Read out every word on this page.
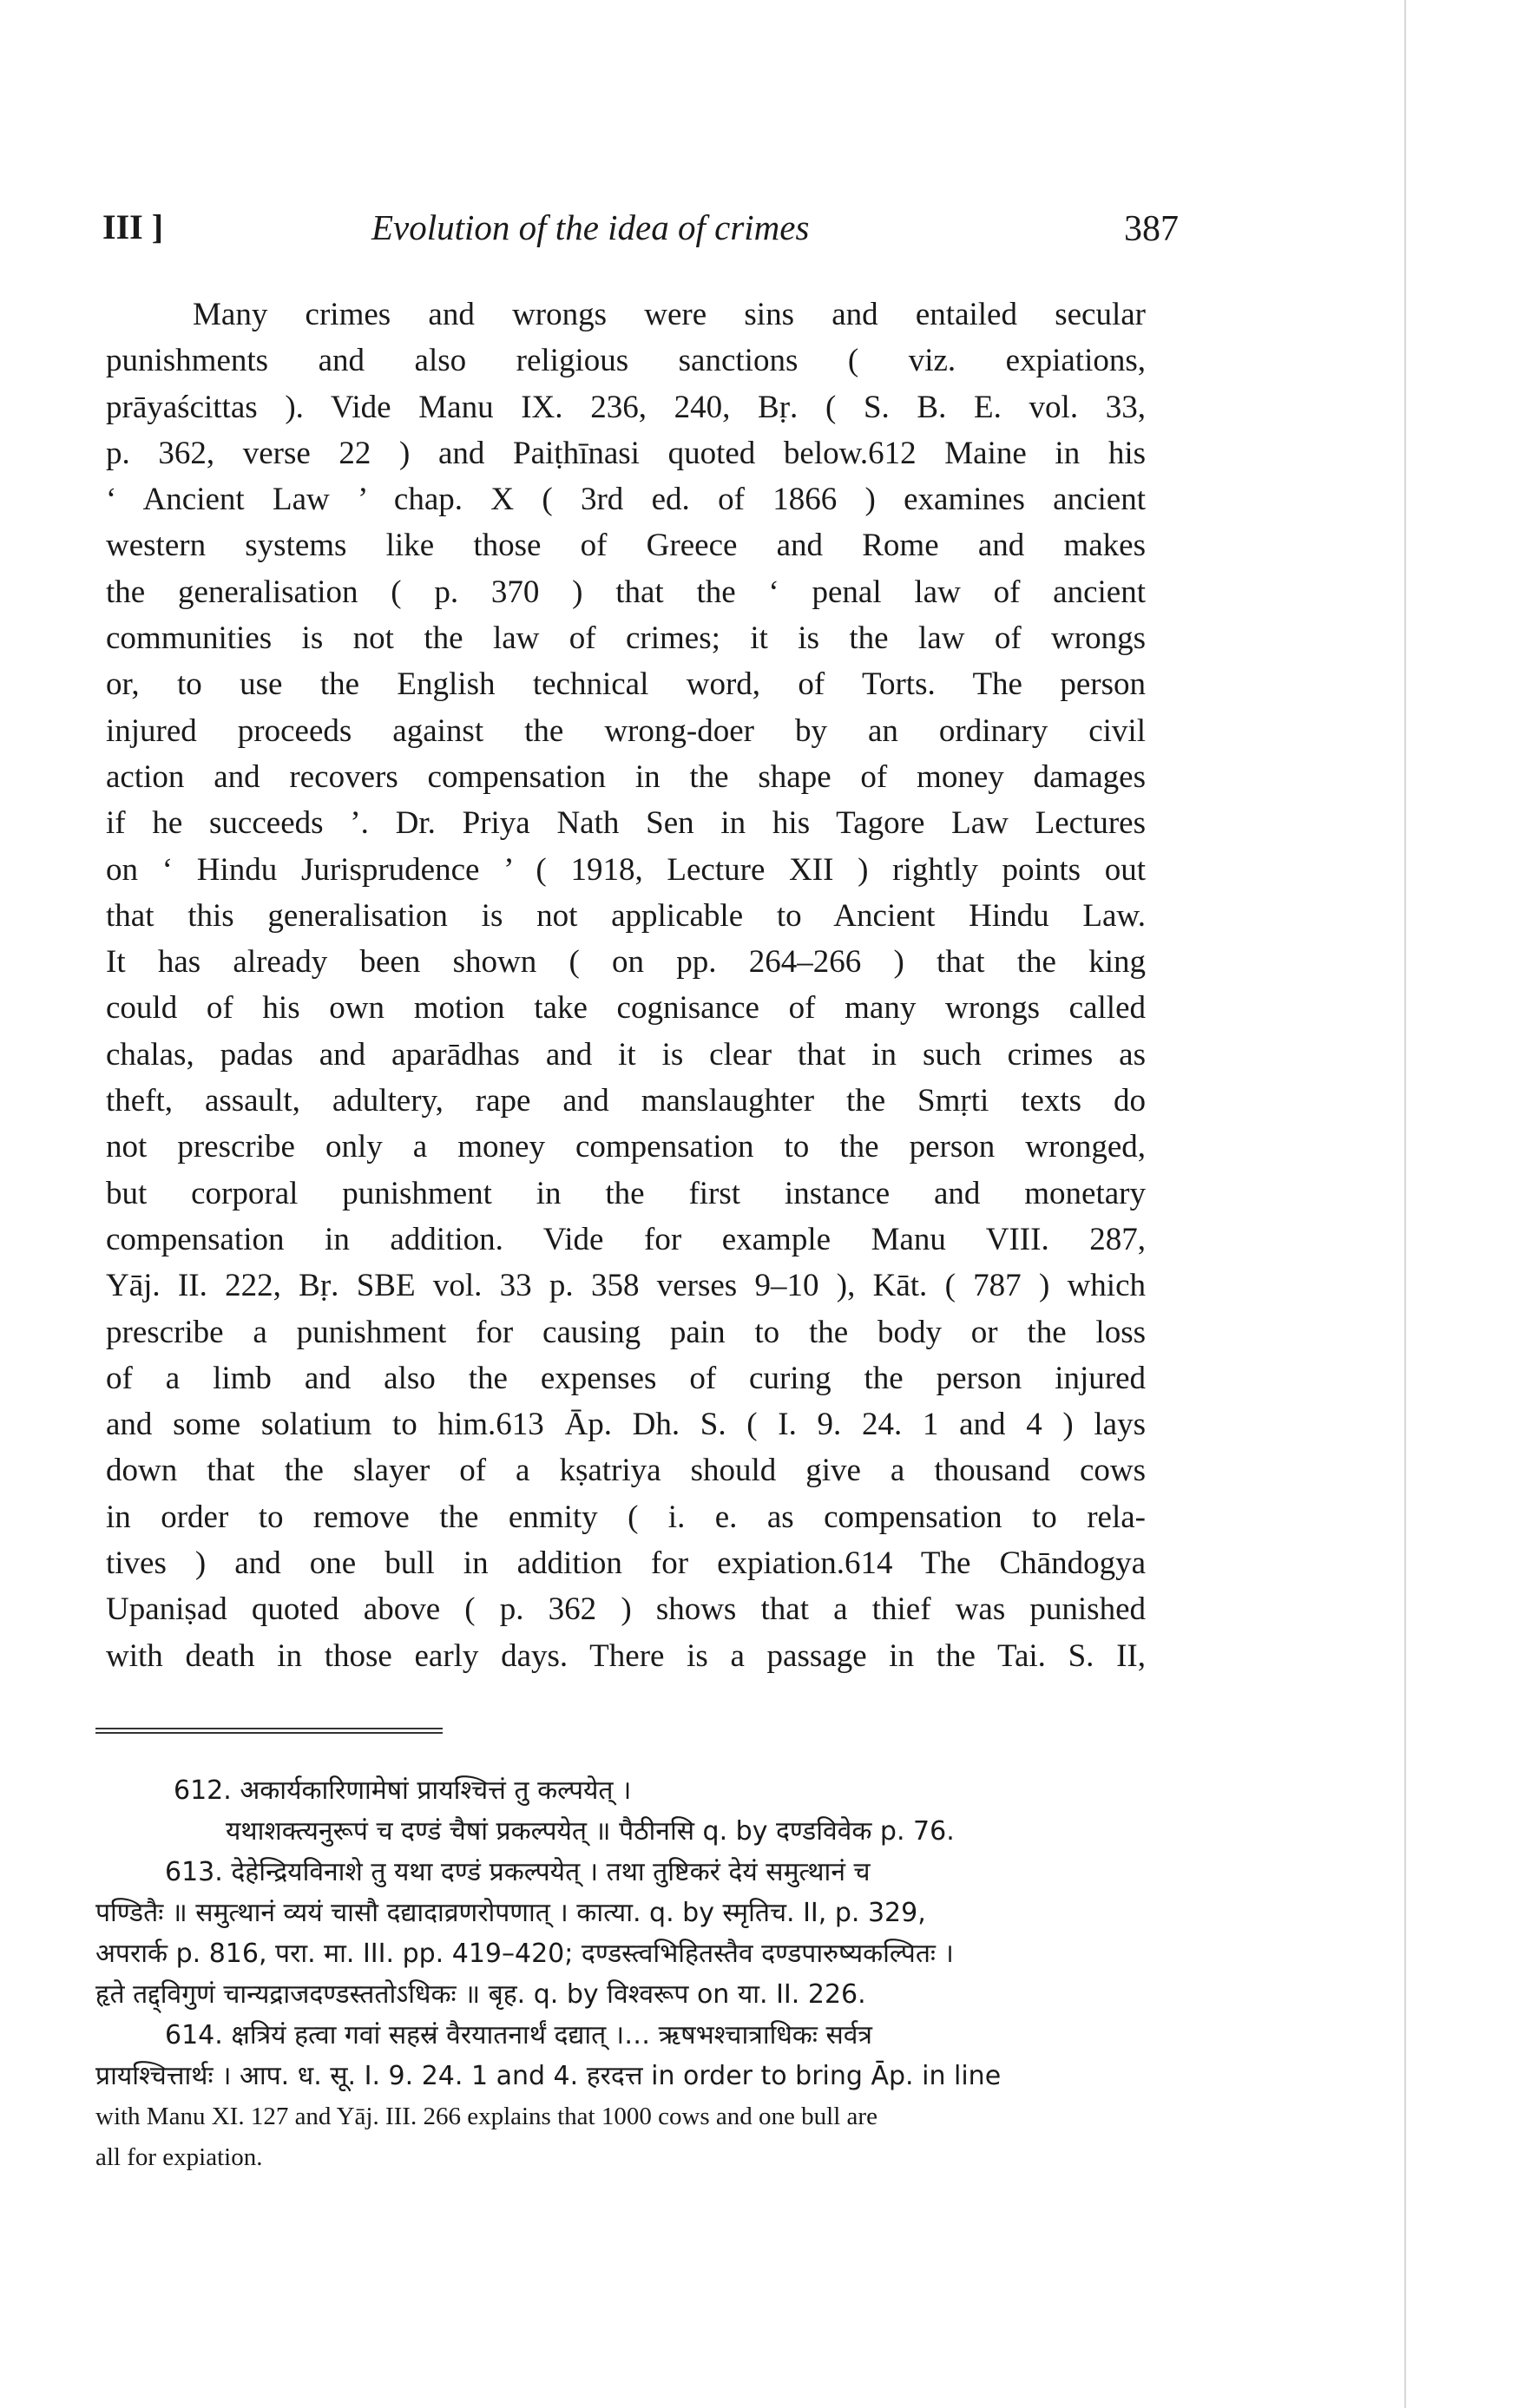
III ]	Evolution of the idea of crimes	387
Many crimes and wrongs were sins and entailed secular
punishments and also religious sanctions ( viz. expiations,
prāyaścittas ). Vide Manu IX. 236, 240, Bṛ. ( S. B. E. vol. 33,
p. 362, verse 22 ) and Paiṭhīnasi quoted below.612 Maine in his
‘ Ancient Law ’ chap. X ( 3rd ed. of 1866 ) examines ancient
western systems like those of Greece and Rome and makes
the generalisation ( p. 370 ) that the ‘ penal law of ancient
communities is not the law of crimes; it is the law of wrongs
or, to use the English technical word, of Torts. The person
injured proceeds against the wrong-doer by an ordinary civil
action and recovers compensation in the shape of money damages
if he succeeds ’. Dr. Priya Nath Sen in his Tagore Law Lectures
on ‘ Hindu Jurisprudence ’ ( 1918, Lecture XII ) rightly points out
that this generalisation is not applicable to Ancient Hindu Law.
It has already been shown ( on pp. 264–266 ) that the king
could of his own motion take cognisance of many wrongs called
chalas, padas and aparādhas and it is clear that in such crimes as
theft, assault, adultery, rape and manslaughter the Smṛti texts do
not prescribe only a money compensation to the person wronged,
but corporal punishment in the first instance and monetary
compensation in addition. Vide for example Manu VIII. 287,
Yāj. II. 222, Bṛ. SBE vol. 33 p. 358 verses 9–10 ), Kāt. ( 787 ) which
prescribe a punishment for causing pain to the body or the loss
of a limb and also the expenses of curing the person injured
and some solatium to him.613 Āp. Dh. S. ( I. 9. 24. 1 and 4 ) lays
down that the slayer of a kṣatriya should give a thousand cows
in order to remove the enmity ( i. e. as compensation to rela-
tives ) and one bull in addition for expiation.614 The Chāndogya
Upaniṣad quoted above ( p. 362 ) shows that a thief was punished
with death in those early days. There is a passage in the Tai. S. II,
612. अकार्यकारिणामेषां प्रायश्चित्तं तु कल्पयेत् ।
यथाशक्त्यनुरूपं च दण्डं चैषां प्रकल्पयेत् ॥ पैठीनसि q. by दण्डविवेक p. 76.
613. देहेन्द्रियविनाशे तु यथा दण्डं प्रकल्पयेत् । तथा तुष्टिकरं देयं समुत्थानं च
पण्डितैः ॥ समुत्थानं व्ययं चासौ दद्यादाव्रणरोपणात् । कात्या. q. by स्मृतिच. II, p. 329,
अपरार्क p. 816, परा. मा. III. pp. 419–420; दण्डस्त्वभिहितस्तैव दण्डपारुष्यकल्पितः ।
हृते तद्द्विगुणं चान्यद्राजदण्डस्ततोऽधिकः ॥ बृह. q. by विश्वरूप on या. II. 226.
614. क्षत्रियं हत्वा गवां सहस्रं वैरयातनार्थं दद्यात् ।… ऋषभश्चात्राधिकः सर्वत्र
प्रायश्चित्तार्थः । आप. ध. सू. I. 9. 24. 1 and 4. हरदत्त in order to bring Āp. in line
with Manu XI. 127 and Yāj. III. 266 explains that 1000 cows and one bull are
all for expiation.
